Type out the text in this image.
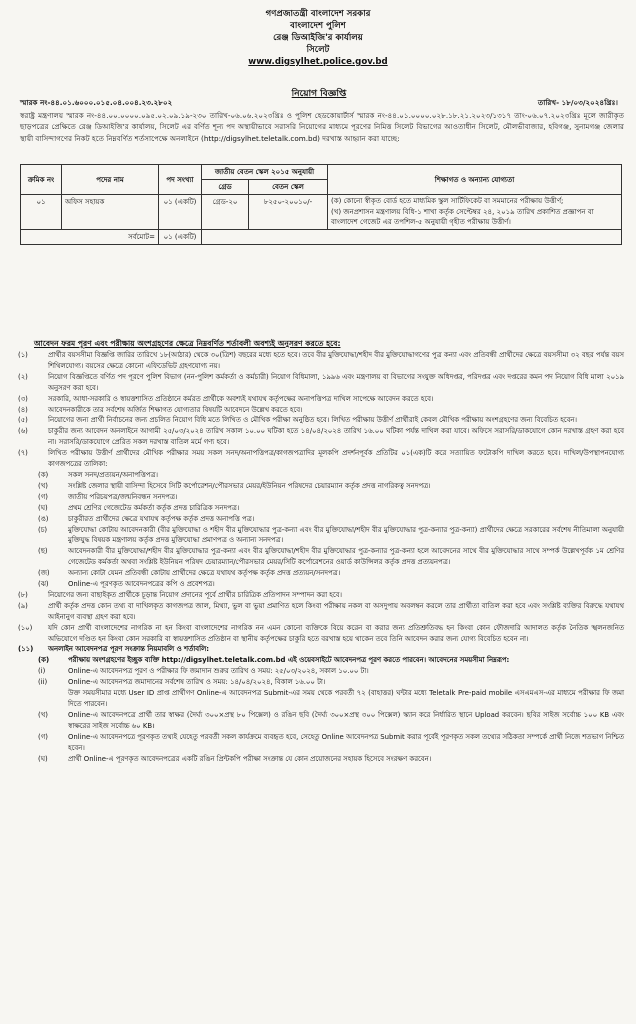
গণপ্রজাতন্ত্রী বাংলাদেশ সরকার
বাংলাদেশ পুলিশ
রেঞ্জ ডিআইজি'র কার্যালয়
সিলেট
www.digsylhet.police.gov.bd
নিয়োগ বিজ্ঞপ্তি
স্মারক নং-৪৪.০১.৬০০০.০১৫.০৪.০০৪.২৩.২৮০২	তারিখ- ১৮/০৩/২০২৪খ্রিঃ।

স্বরাষ্ট্র মন্ত্রণালয় স্মারক নং-৪৪.০০.০০০০.০৯৫.০২.০৯.১৯-২৩০ তারিখ-০৬.০৬.২০২৩খ্রিঃ ও পুলিশ হেডকোয়ার্টার্স স্মারক নং-৪৪.০১.০০০০.০২৮.১৮.২১.২০২৩/১৩১৭ তাং-০৬.০৭.২০২৩খ্রিঃ মূলে জারীকৃত ছাড়পত্রের প্রেক্ষিতে রেঞ্জ ডিআইজি'র কার্যালয়, সিলেট এর বর্ণিত শূন্য পদ অস্থায়ীভাবে সরাসরি নিয়োগের মাধ্যমে পূরণের নিমিত্ত সিলেট বিভাগের আওতাধীন সিলেট, মৌলভীবাজার, হবিগঞ্জ, সুনামগঞ্জ জেলার স্থায়ী বাসিন্দাগণের নিকট হতে নিম্নবর্ণিত শর্তসাপেক্ষে অনলাইনে (http://digsylhet.teletalk.com.bd) দরখাস্ত আহ্বান করা যাচ্ছে:

ক্রমিক নং	পদের নাম	পদ সংখ্যা	জাতীয় বেতন স্কেল ২০১৫ অনুযায়ী		শিক্ষাগত ও অন্যান্য যোগ্যতা
			গ্রেড	বেতন স্কেল	
০১	অফিস সহায়ক	০১ (একটি)	গ্রেড-২০	৮২৫০-২০০১০/-	(ক) কোনো স্বীকৃত বোর্ড হতে মাধ্যমিক স্কুল সার্টিফিকেট বা সমমানের পরীক্ষায় উত্তীর্ণ;
(খ) জনপ্রশাসন মন্ত্রণালয় বিধি-১ শাখা কর্তৃক সেপ্টেম্বর ২৪, ২০১৯ তারিখ প্রকাশিত প্রজ্ঞাপন বা বাংলাদেশ গেজেট এর তপশিল-৫ অনুযায়ী গৃহীত পরীক্ষায় উত্তীর্ণ।

সর্বমোট=		০১ (একটি)			
আবেদন ফরম পূরণ এবং পরীক্ষায় অংশগ্রহণের ক্ষেত্রে নিম্নবর্ণিত শর্তাবলী অবশ্যই অনুসরণ করতে হবে:
(১)	প্রার্থীর বয়সসীমা বিজ্ঞপ্তি জারির তারিখে ১৮(আঠার) থেকে ৩০(ত্রিশ) বছরের মধ্যে হতে হবে। তবে বীর মুক্তিযোদ্ধা/শহীদ বীর মুক্তিযোদ্ধাগণের পুত্র কন্যা এবং প্রতিবন্ধী প্রার্থীদের ক্ষেত্রে বয়সসীমা ৩২ বছর পর্যন্ত বয়স শিথিলযোগ্য। বয়সের ক্ষেত্রে কোনো এফিডেভিট গ্রহণযোগ্য নয়।
(২)	নিয়োগ বিজ্ঞপ্তিতে বর্ণিত পদ পূরণে পুলিশ বিভাগ (নন-পুলিশ কর্মকর্তা ও কর্মচারী) নিয়োগ বিধিমালা, ১৯৯৬ এবং মন্ত্রণালয় বা বিভাগের সংযুক্ত অধিদপ্তর, পরিদপ্তর এবং দপ্তরের কমন পদ নিয়োগ বিধি মালা ২০১৯ অনুসরণ করা হবে।
(৩)	সরকারি, আধা-সরকারি ও স্বায়ত্তশাসিত প্রতিষ্ঠানে কর্মরত প্রার্থীকে অবশ্যই যথাযথ কর্তৃপক্ষের অনাপত্তিপত্র দাখিল সাপেক্ষে আবেদন করতে হবে।
(৪)	আবেদনকারীকে তার সর্বশেষ অর্জিত শিক্ষাগত যোগ্যতার বিষয়টি আবেদনে উল্লেখ করতে হবে।
(৫)	নিয়োগের জন্য প্রার্থী নির্বাচনের জন্য প্রচলিত নিয়োগ বিধি মতে লিখিত ও মৌখিক পরীক্ষা অনুষ্ঠিত হবে। লিখিত পরীক্ষায় উত্তীর্ণ প্রার্থীরাই কেবল মৌখিক পরীক্ষায় অংশগ্রহণের জন্য বিবেচিত হবেন।
(৬)	চাকুরীর জন্য আবেদন অনলাইনে আগামী ২৫/০৩/২০২৪ তারিখ সকাল ১০.০০ ঘটিকা হতে ১৪/০৪/২০২৪ তারিখ ১৬.০০ ঘটিকা পর্যন্ত দাখিল করা যাবে। অফিসে সরাসরি/ডাকযোগে কোন দরখাস্ত গ্রহণ করা হবে না। সরাসরি/ডাকযোগে প্রেরিত সকল দরখাস্ত বাতিল মর্মে গণ্য হবে।
(৭)	লিখিত পরীক্ষায় উত্তীর্ণ প্রার্থীদের মৌখিক পরীক্ষার সময় সকল সনদ/অনাপত্তিপত্র/কাগজপত্রাদির মূলকপি প্রদর্শনপূর্বক প্রতিটির ০১(এক)টি করে সত্যায়িত ফটোকপি দাখিল করতে হবে। দাখিল/উপস্থাপনযোগ্য কাগজপত্রের তালিকা:
(ক)	সকল সনদ/প্রত্যয়ন/অনাপত্তিপত্র।
(খ)	সংশ্লিষ্ট জেলার স্থায়ী বাসিন্দা হিসেবে সিটি কর্পোরেশন/পৌরসভার মেয়র/ইউনিয়ন পরিষদের চেয়ারম্যান কর্তৃক প্রদত্ত নাগরিকত্ব সনদপত্র।
(গ)	জাতীয় পরিচয়পত্র/জন্মনিবন্ধন সনদপত্র।
(ঘ)	প্রথম শ্রেণির গেজেটেড কর্মকর্তা কর্তৃক প্রদত্ত চারিত্রিক সনদপত্র।
(ঙ)	চাকুরীরত প্রার্থীদের ক্ষেত্রে যথাযথ কর্তৃপক্ষ কর্তৃক প্রদত্ত অনাপত্তি পত্র।
(চ)	মুক্তিযোদ্ধা কোটায় আবেদনকারী (বীর মুক্তিযোদ্ধা ও শহীদ বীর মুক্তিযোদ্ধার পুত্র-কন্যা এবং বীর মুক্তিযোদ্ধা/শহীদ বীর মুক্তিযোদ্ধার পুত্র-কন্যার পুত্র-কন্যা) প্রার্থীদের ক্ষেত্রে সরকারের সর্বশেষ নীতিমালা অনুযায়ী মুক্তিযুদ্ধ বিষয়ক মন্ত্রণালয় কর্তৃক প্রদত্ত মুক্তিযোদ্ধা প্রমাণপত্র ও অন্যান্য সনদপত্র।
(ছ)	আবেদনকারী বীর মুক্তিযোদ্ধা/শহীদ বীর মুক্তিযোদ্ধার পুত্র-কন্যা এবং বীর মুক্তিযোদ্ধা/শহীদ বীর মুক্তিযোদ্ধার পুত্র-কন্যার পুত্র-কন্যা হলে আবেদনের সাথে বীর মুক্তিযোদ্ধার সাথে সম্পর্ক উল্লেখপূর্বক ১ম শ্রেণির গেজেটেড কর্মকর্তা অথবা সংশ্লিষ্ট ইউনিয়ন পরিষদ চেয়ারম্যান/পৌরসভার মেয়র/সিটি কর্পোরেশনের ওয়ার্ড কাউন্সিলর কর্তৃক প্রদত্ত প্রত্যয়নপত্র।
(জ)	অন্যান্য কোটা যেমন প্রতিবন্ধী কোটায় প্রার্থীদের ক্ষেত্রে যথাযথ কর্তৃপক্ষ কর্তৃক প্রদত্ত প্রত্যয়ন/সনদপত্র।
(ঝ)	Online-এ পূরণকৃত আবেদনপত্রের কপি ও প্রবেশপত্র।
(৮)	নিয়োগের জন্য বাছাইকৃত প্রার্থীকে চূড়ান্ত নিয়োগ প্রদানের পূর্বে প্রার্থীর চারিত্রিক প্রতিপাদন সম্পাদন করা হবে।
(৯)	প্রার্থী কর্তৃক প্রদত্ত কোন তথ্য বা দাখিলকৃত কাগজপত্র জাল, মিথ্যা, ভুল বা ভুয়া প্রমাণিত হলে কিংবা পরীক্ষায় নকল বা অসদুপায় অবলম্বন করলে তার প্রার্থীতা বাতিল করা হবে এবং সংশ্লিষ্ট ব্যক্তির বিরুদ্ধে যথাযথ আইনানুগ ব্যবস্থা গ্রহণ করা হবে।
(১০)	যদি কোন প্রার্থী বাংলাদেশের নাগরিক না হন কিংবা বাংলাদেশের নাগরিক নন এমন কোনো ব্যক্তিকে বিয়ে করেন বা করার জন্য প্রতিশ্রুতিবদ্ধ হন কিংবা কোন ফৌজদারি আদালত কর্তৃক নৈতিক স্খলনজনিত অভিযোগে দণ্ডিত হন কিংবা কোন সরকারি বা স্বায়ত্তশাসিত প্রতিষ্ঠান বা স্থানীয় কর্তৃপক্ষের চাকুরি হতে বরখাস্ত হয়ে থাকেন তবে তিনি আবেদন করার জন্য যোগ্য বিবেচিত হবেন না।
(১১)	অনলাইন আবেদনপত্র পূরণ সংক্রান্ত নিয়মাবলি ও শর্তাবলি:
(ক)	পরীক্ষায় অংশগ্রহণের ইচ্ছুক ব্যক্তি http://digsylhet.teletalk.com.bd এই ওয়েবসাইটে আবেদনপত্র পূরণ করতে পারবেন। আবেদনের সময়সীমা নিম্নরূপ:
(i)	Online-এ আবেদনপত্র পূরণ ও পরীক্ষার ফি জমাদান শুরুর তারিখ ও সময়: ২৫/০৩/২০২৪, সকাল ১০.০০ টা।
(ii)	Online-এ আবেদনপত্র জমাদানের সর্বশেষ তারিখ ও সময়: ১৪/০৪/২০২৪, বিকাল ১৬.০০ টা।
উক্ত সময়সীমার মধ্যে User ID প্রাপ্ত প্রার্থীগণ Online-এ আবেদনপত্র Submit-এর সময় থেকে পরবর্তী ৭২ (বাহাত্তর) ঘন্টার মধ্যে Teletalk Pre-paid mobile এসএমএস-এর মাধ্যমে পরীক্ষার ফি জমা দিতে পারবেন।
(খ)	Online-এ আবেদনপত্রে প্রার্থী তার স্বাক্ষর (দৈর্ঘ্য ৩০০×প্রস্থ ৮০ পিক্সেল) ও রঙিন ছবি (দৈর্ঘ্য ৩০০×প্রস্থ ৩০০ পিক্সেল) স্ক্যান করে নির্ধারিত স্থানে Upload করবেন। ছবির সাইজ সর্বোচ্চ ১০০ KB এবং স্বাক্ষরের সাইজ সর্বোচ্চ ৬০ KB।
(গ)	Online-এ আবেদনপত্রে পূরণকৃত তথ্যই যেহেতু পরবর্তী সকল কার্যক্রমে ব্যবহৃত হবে, সেহেতু Online আবেদনপত্র Submit করার পূর্বেই পূরণকৃত সকল তথ্যের সঠিকতা সম্পর্কে প্রার্থী নিজে শতভাগ নিশ্চিত হবেন।
(ঘ)	প্রার্থী Online-এ পূরণকৃত আবেদনপত্রের একটি রঙিন প্রিন্টকপি পরীক্ষা সংক্রান্ত যে কোন প্রয়োজনের সহায়ক হিসেবে সংরক্ষণ করবেন।
